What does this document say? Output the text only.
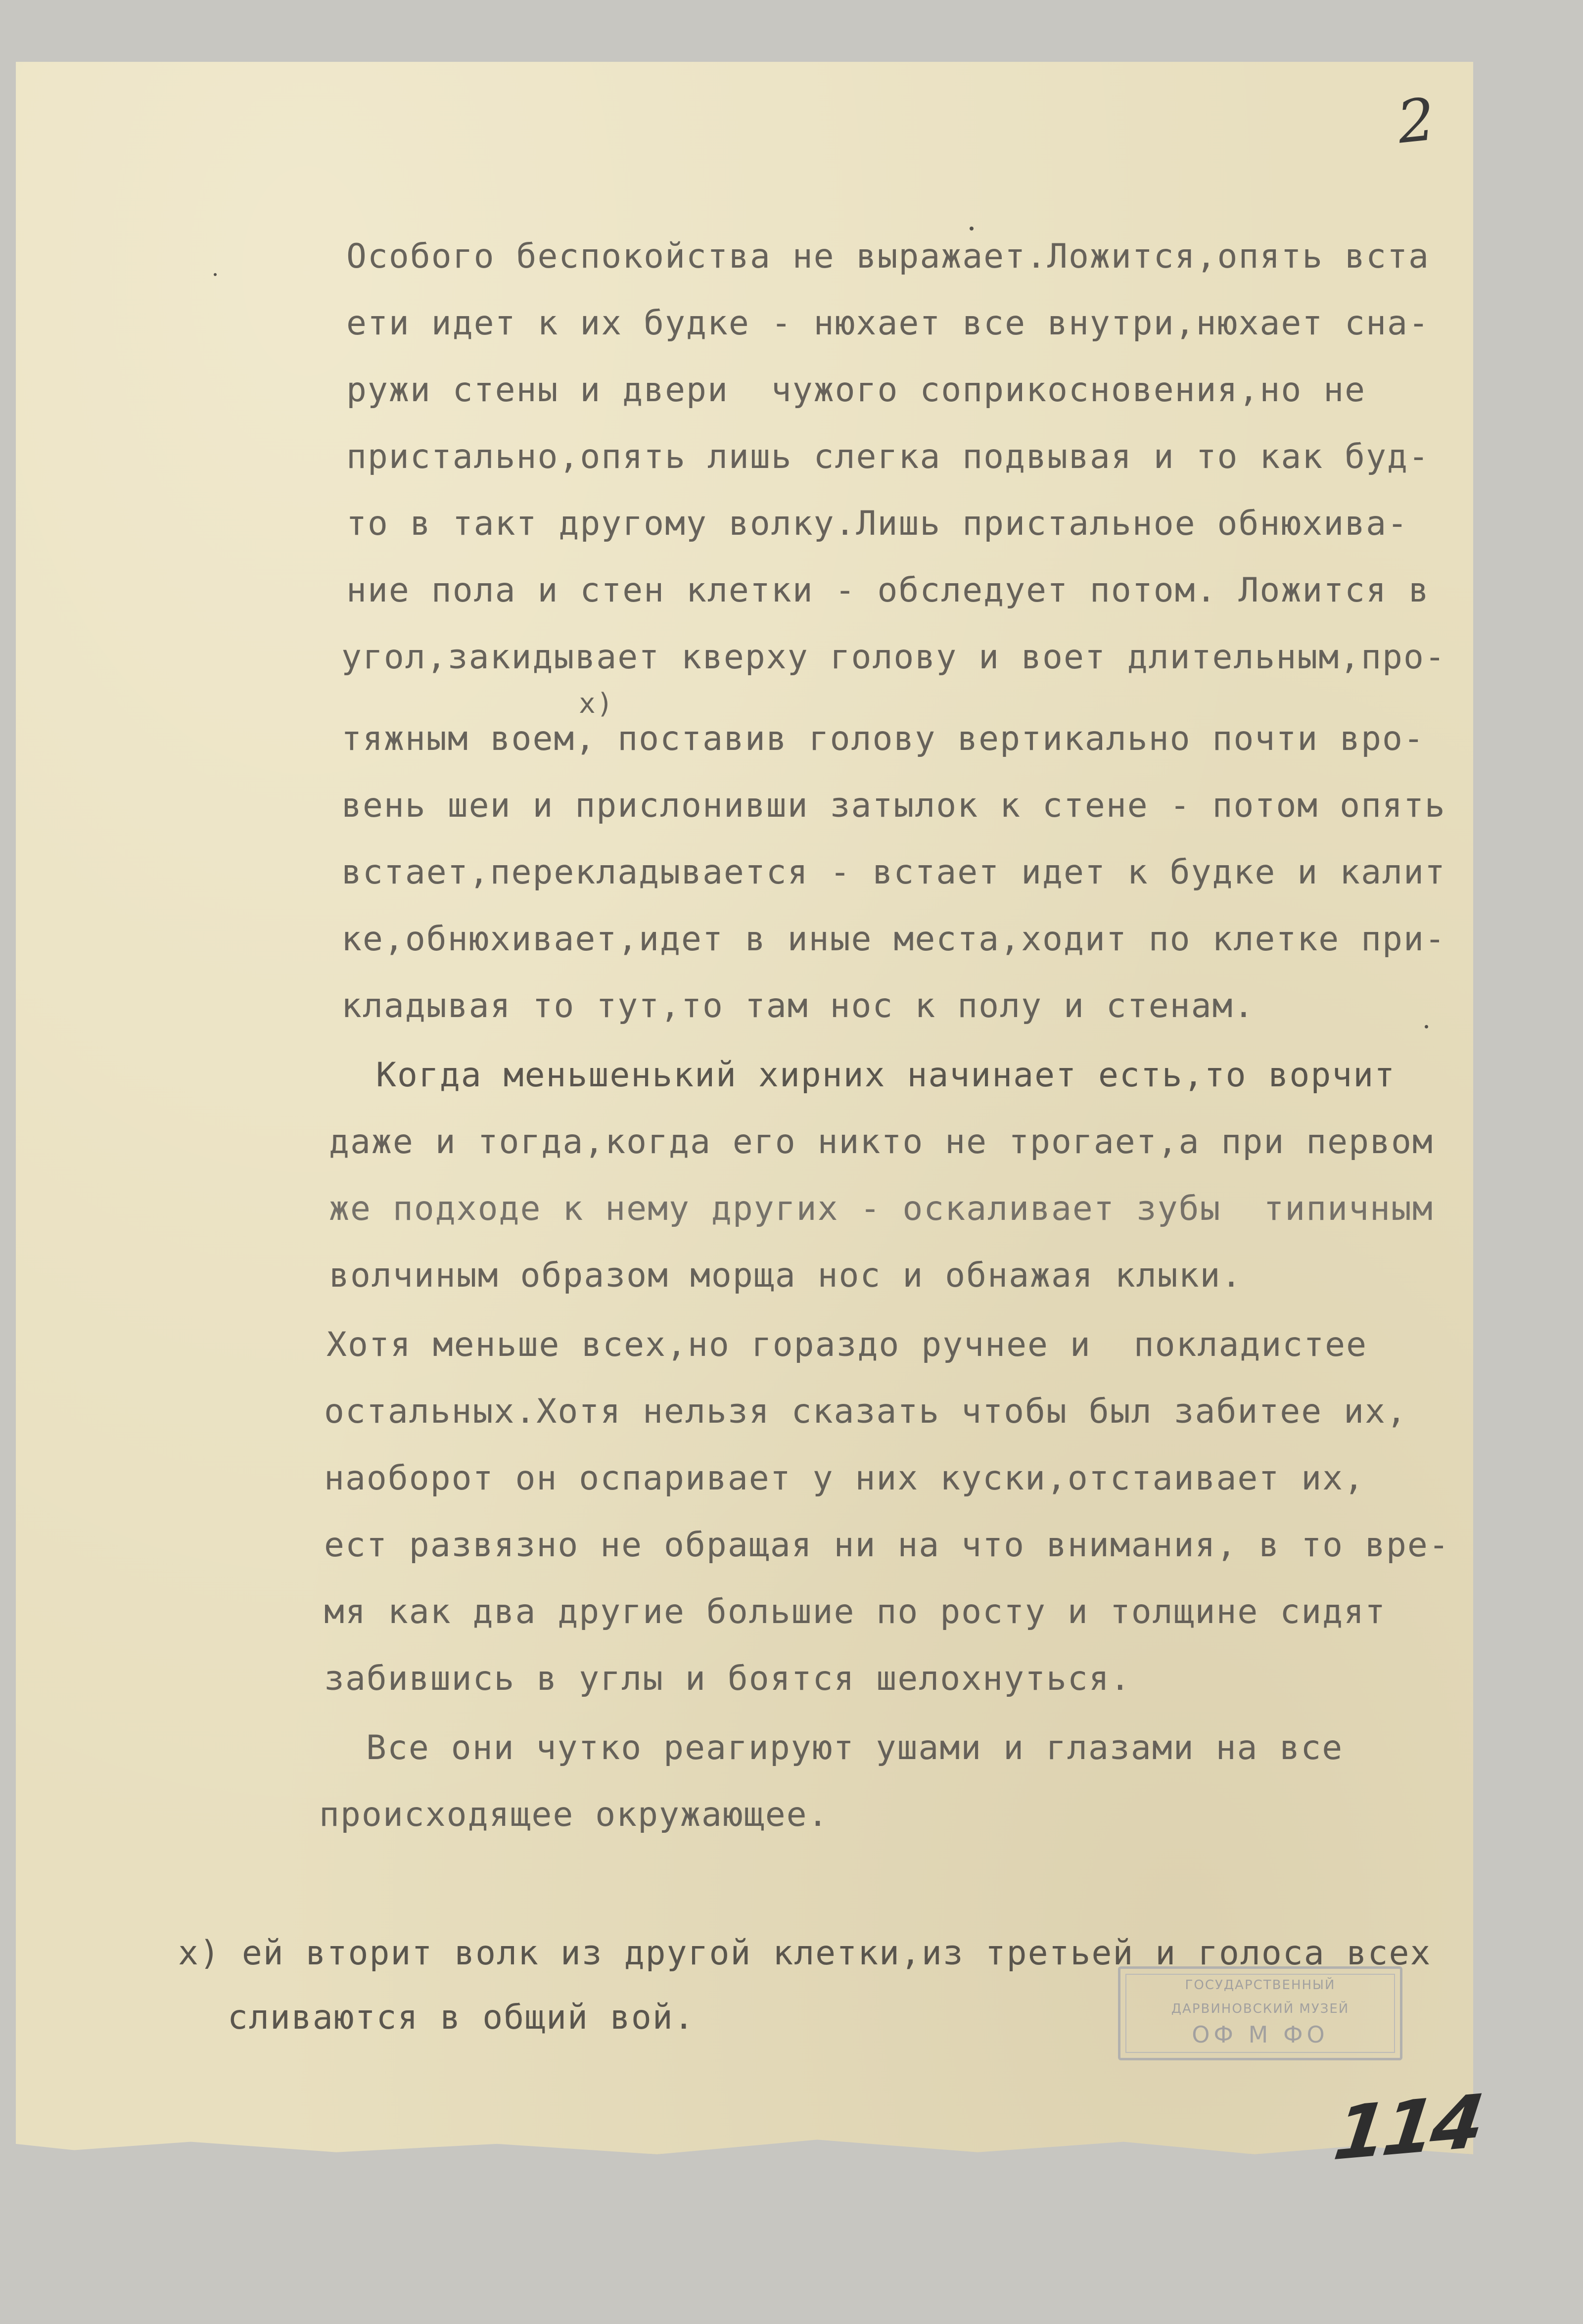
2

Особого беспокойства не выражает.Ложится,опять вста

ети идет к их будке - нюхает все внутри,нюхает сна-

ружи стены и двери  чужого соприкосновения,но не

пристально,опять лишь слегка подвывая и то как буд-

то в такт другому волку.Лишь пристальное обнюхива-

ние пола и стен клетки - обследует потом. Ложится в

угол,закидывает кверху голову и воет длительным,про-

х)

тяжным воем, поставив голову вертикально почти вро-

вень шеи и прислонивши затылок к стене - потом опять

встает,перекладывается - встает идет к будке и калит

ке,обнюхивает,идет в иные места,ходит по клетке при-

кладывая то тут,то там нос к полу и стенам.

Когда меньшенький хирних начинает есть,то ворчит

даже и тогда,когда его никто не трогает,а при первом

же подходе к нему других - оскаливает зубы  типичным

волчиным образом морща нос и обнажая клыки.

Хотя меньше всех,но гораздо ручнее и  покладистее

остальных.Хотя нельзя сказать чтобы был забитее их,

наоборот он оспаривает у них куски,отстаивает их,

ест развязно не обращая ни на что внимания, в то вре-

мя как два другие большие по росту и толщине сидят

забившись в углы и боятся шелохнуться.

Все они чутко реагируют ушами и глазами на все

происходящее окружающее.

х) ей вторит волк из другой клетки,из третьей и голоса всех

сливаются в общий вой.

ГОСУДАРСТВЕННЫЙ
ДАРВИНОВСКИЙ МУЗЕЙ
ОФ М ФО
114
